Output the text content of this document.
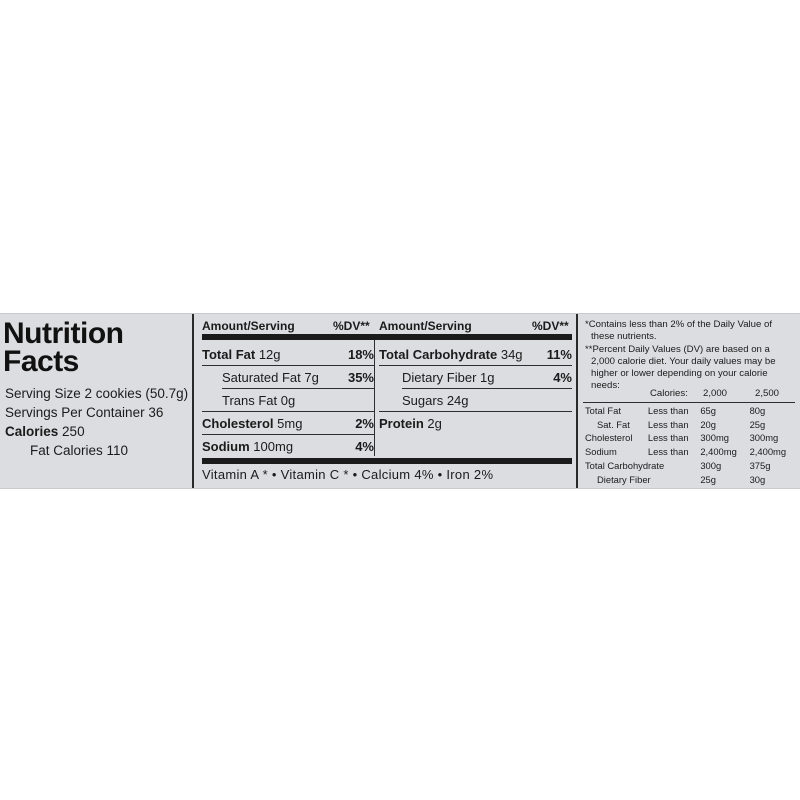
Nutrition
Facts
Serving Size 2 cookies (50.7g)
Servings Per Container 36
Calories 250
Fat Calories 110
Amount/Serving	%DV** Amount/Serving	%DV**
Total Fat 12g	18%
Saturated Fat 7g	35%
Trans Fat 0g
Cholesterol 5mg	2%
Sodium 100mg	4%
Total Carbohydrate 34g	11%
Dietary Fiber 1g	4%
Sugars 24g
Protein 2g
Vitamin A * • Vitamin C * • Calcium 4% • Iron 2%
*Contains less than 2% of the Daily Value of
these nutrients.
**Percent Daily Values (DV) are based on a
2,000 calorie diet. Your daily values may be
higher or lower depending on your calorie
needs:
Calories: 2,000	2,500
Total Fat	Less than	65g	80g
Sat. Fat	Less than	20g	25g
Cholesterol	Less than	300mg	300mg
Sodium	Less than	2,400mg	2,400mg
Total Carbohydrate		300g	375g
Dietary Fiber		25g	30g
